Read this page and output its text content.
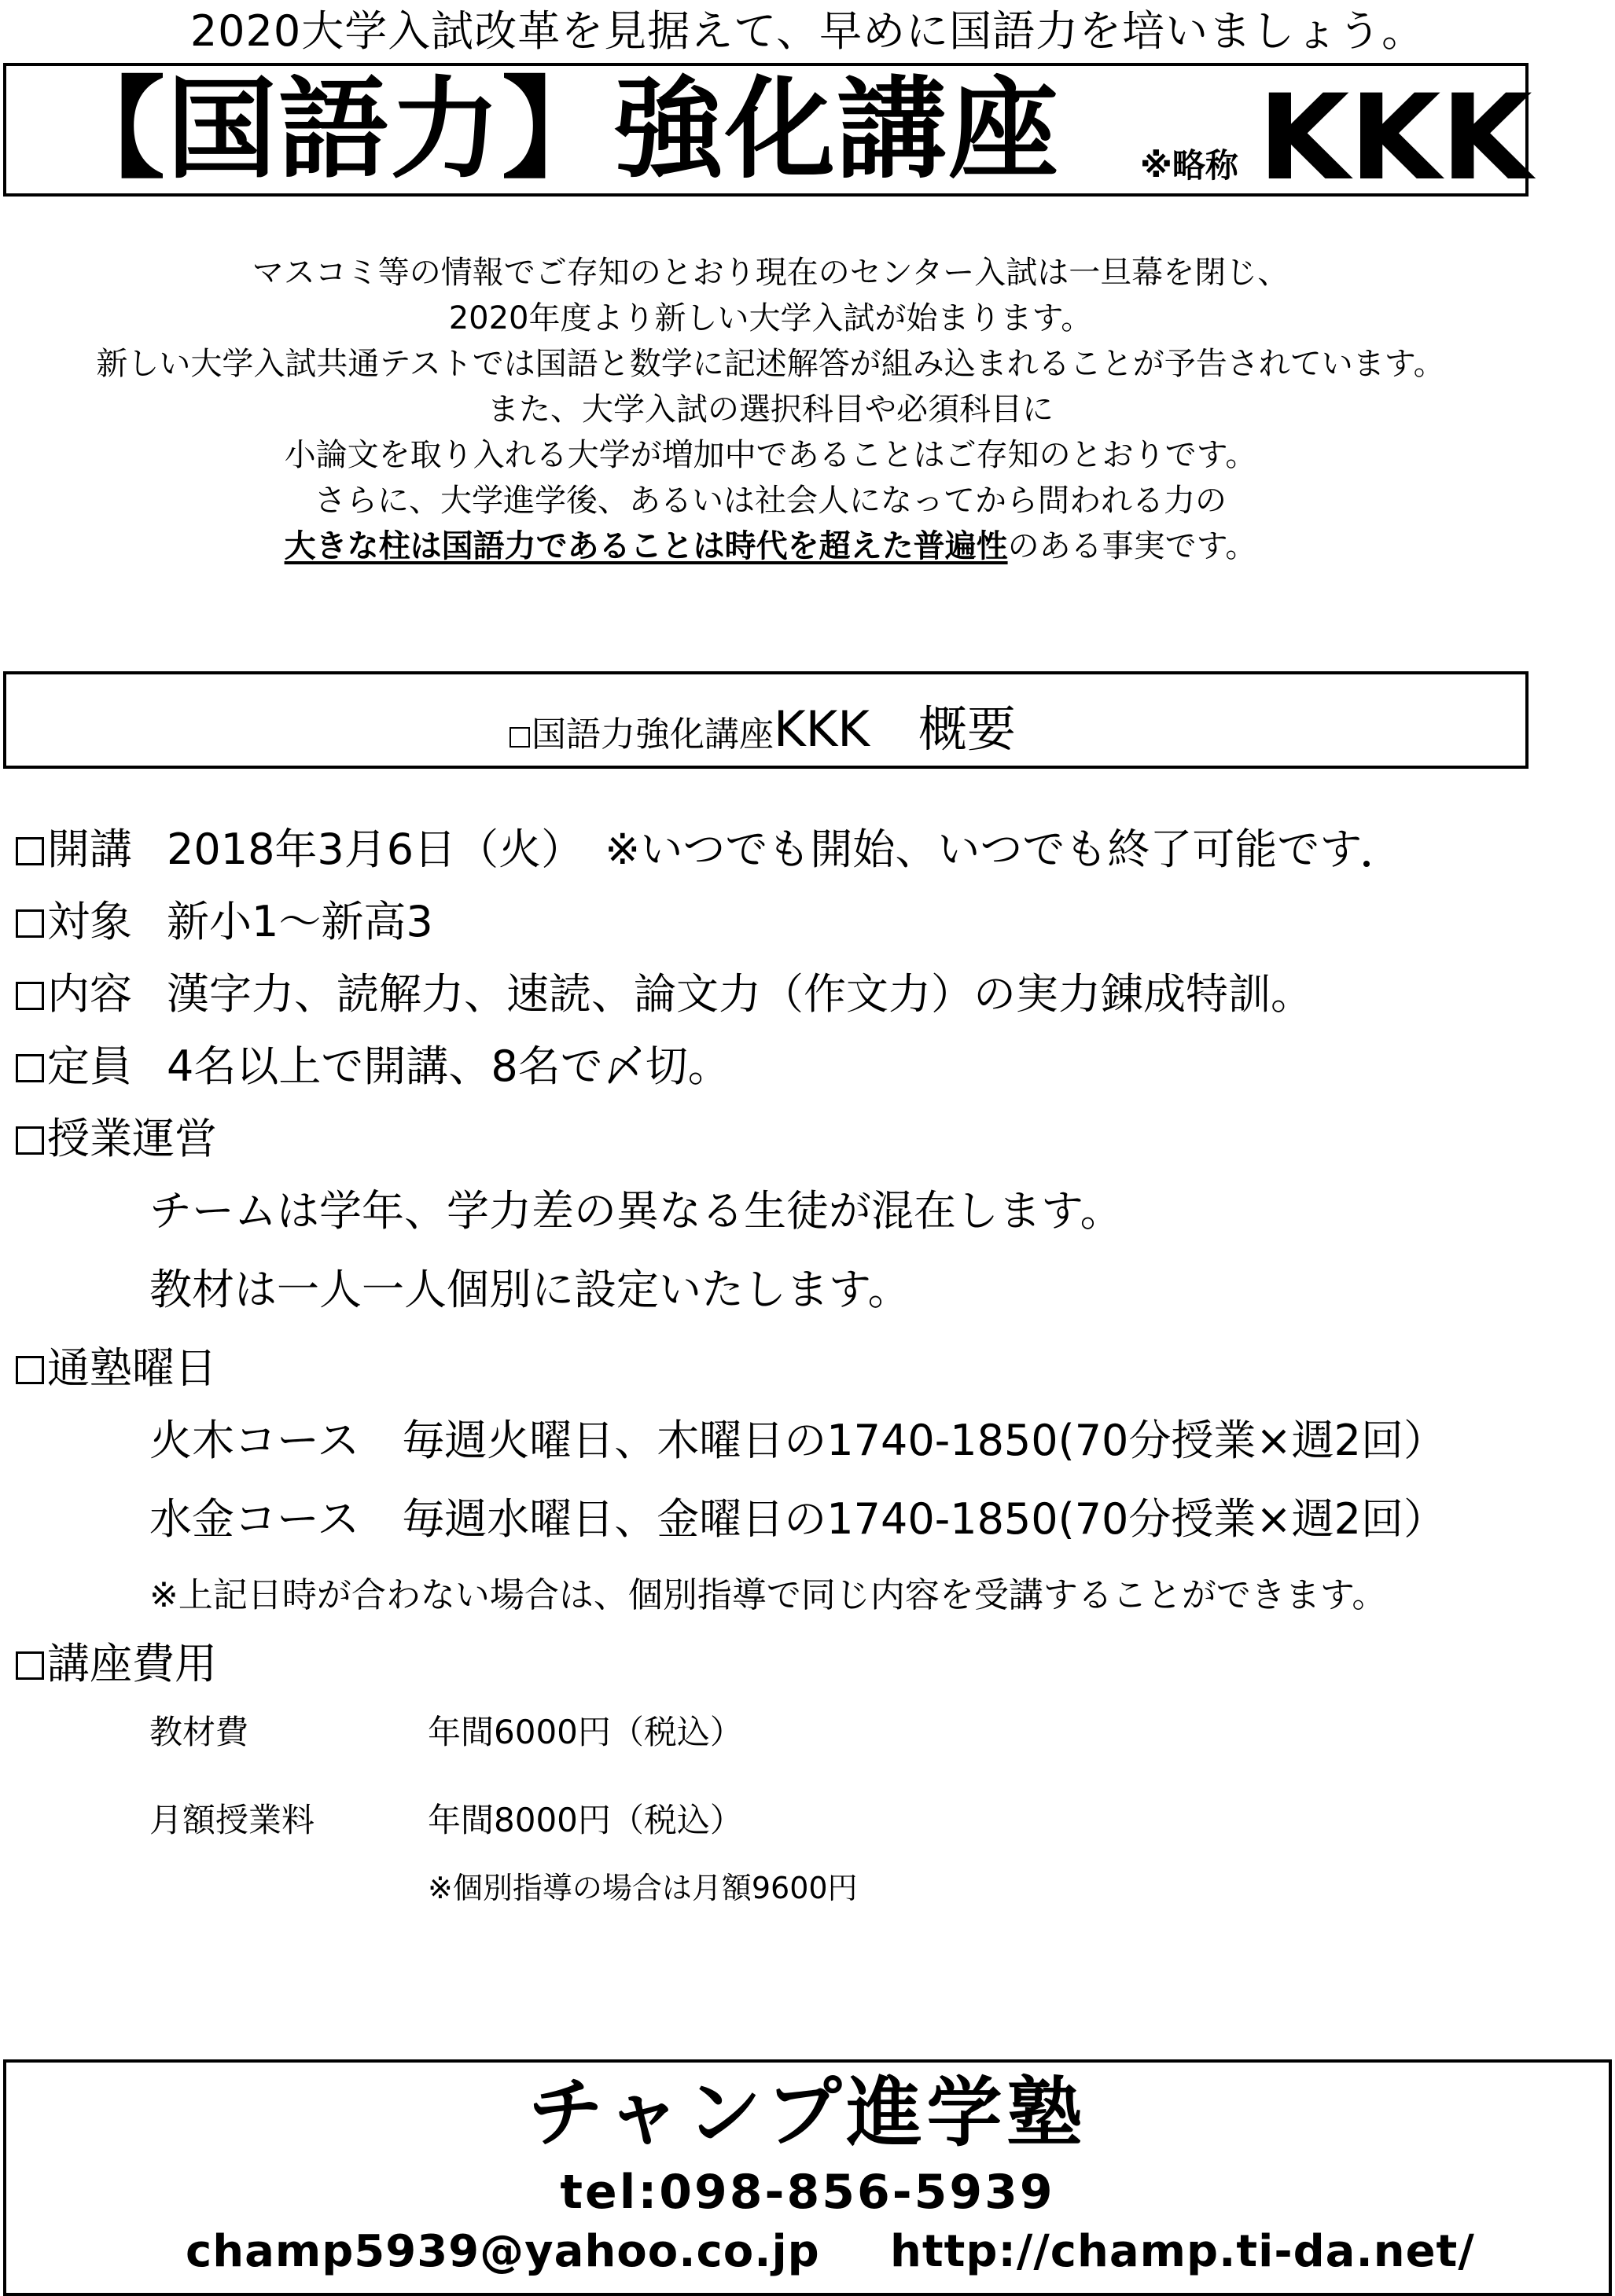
2020大学入試改革を見据えて、早めに国語力を培いましょう。
【国語力】強化講座 ※略称 KKK
マスコミ等の情報でご存知のとおり現在のセンター入試は一旦幕を閉じ、
2020年度より新しい大学入試が始まります。
新しい大学入試共通テストでは国語と数学に記述解答が組み込まれることが予告されています。
また、大学入試の選択科目や必須科目に
小論文を取り入れる大学が増加中であることはご存知のとおりです。
さらに、大学進学後、あるいは社会人になってから問われる力の
大きな柱は国語力であることは時代を超えた普遍性のある事実です。
国語力強化講座KKK　 概要
開講 2018年3月6日（火）　※いつでも開始、いつでも終了可能です
対象 新小1～新高3
内容 漢字力、読解力、速読、論文力（作文力）の実力錬成特訓。
定員 4名以上で開講、8名で〆切。
授業運営
チームは学年、学力差の異なる生徒が混在します。
教材は一人一人個別に設定いたします。
通塾曜日
火木コース　毎週火曜日、木曜日の1740-1850(70分授業×週2回）
水金コース　毎週水曜日、金曜日の1740-1850(70分授業×週2回）
※上記日時が合わない場合は、個別指導で同じ内容を受講することができます。
講座費用
教材費	年間6000円（税込）
月額授業料	年間8000円（税込）
※個別指導の場合は月額9600円
チャンプ進学塾
tel:098-856-5939
champ5939@yahoo.co.jp http://champ.ti-da.net/
